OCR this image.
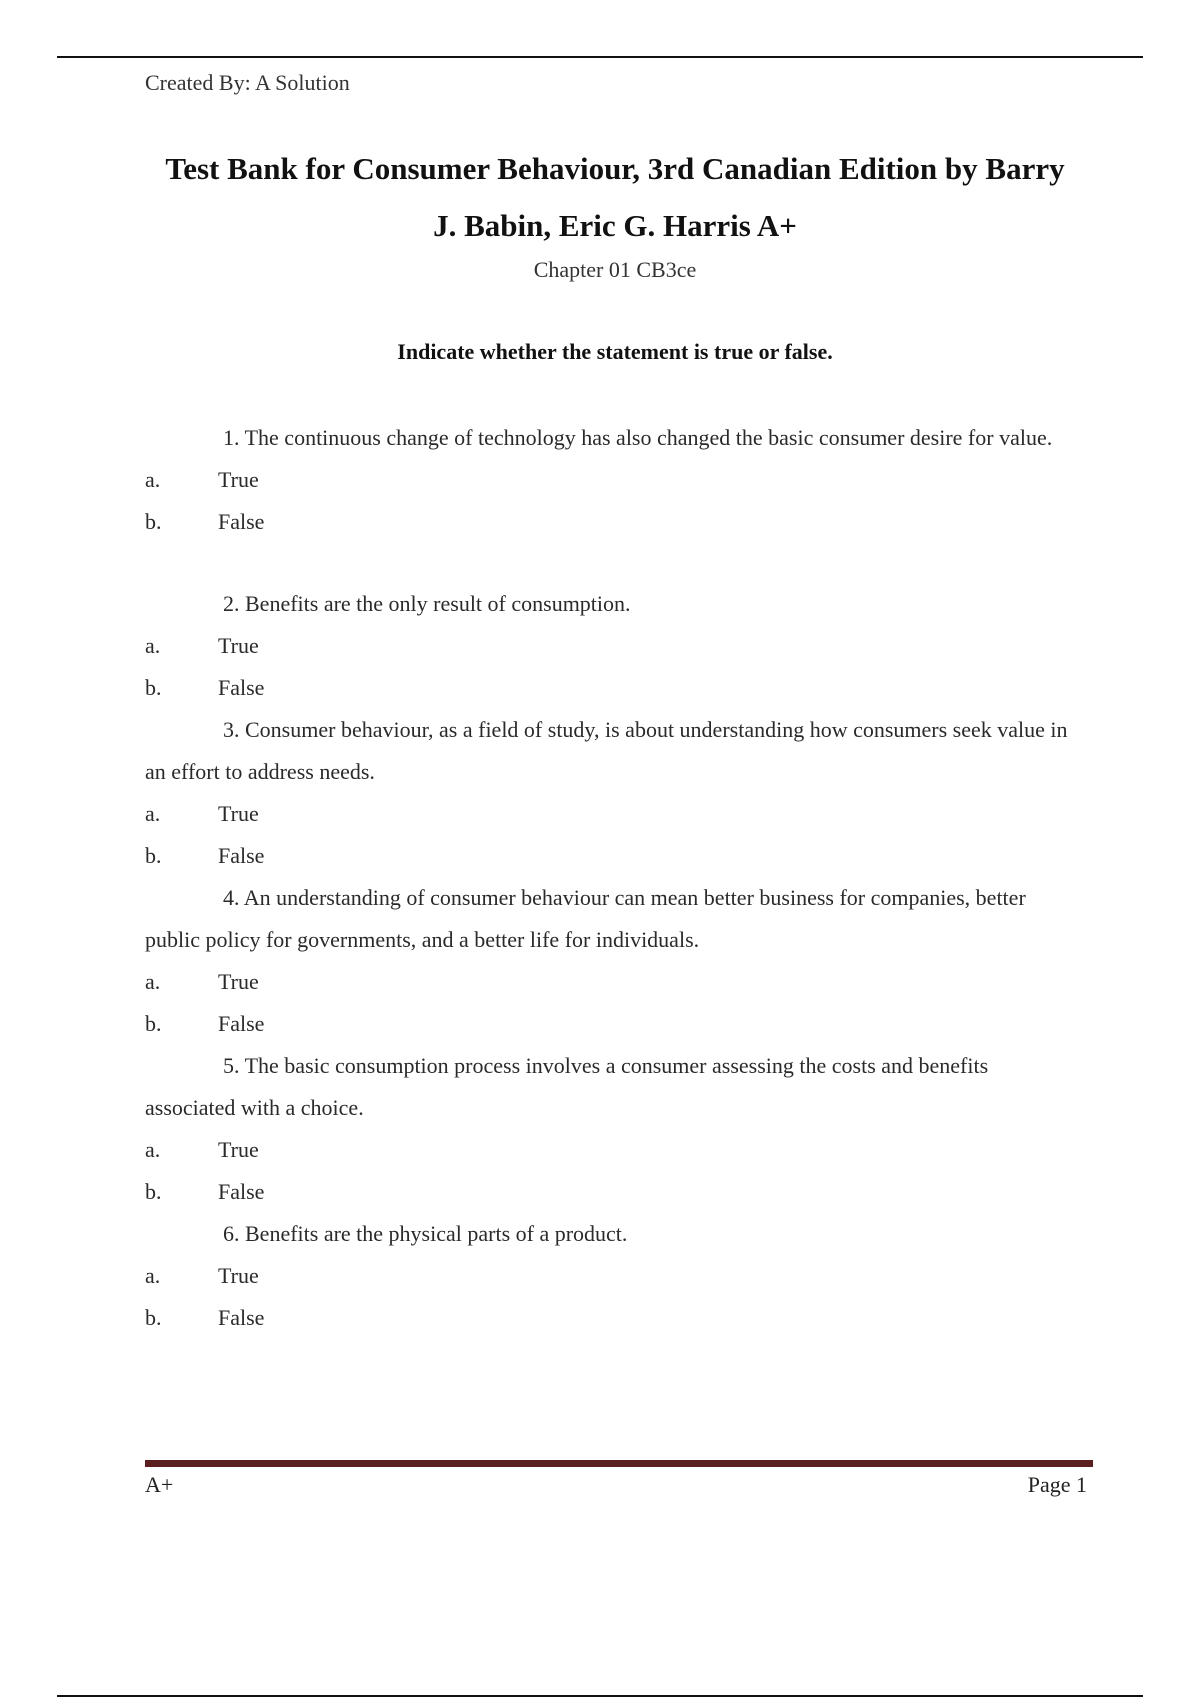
Created By: A Solution
Test Bank for Consumer Behaviour, 3rd Canadian Edition by Barry
J. Babin, Eric G. Harris A+
Chapter 01 CB3ce
Indicate whether the statement is true or false.
1. The continuous change of technology has also changed the basic consumer desire for value.
a.	True
b.	False
2. Benefits are the only result of consumption.
a.	True
b.	False
3. Consumer behaviour, as a field of study, is about understanding how consumers seek value in an effort to address needs.
a.	True
b.	False
4. An understanding of consumer behaviour can mean better business for companies, better public policy for governments, and a better life for individuals.
a.	True
b.	False
5. The basic consumption process involves a consumer assessing the costs and benefits associated with a choice.
a.	True
b.	False
6. Benefits are the physical parts of a product.
a.	True
b.	False
A+	Page 1
